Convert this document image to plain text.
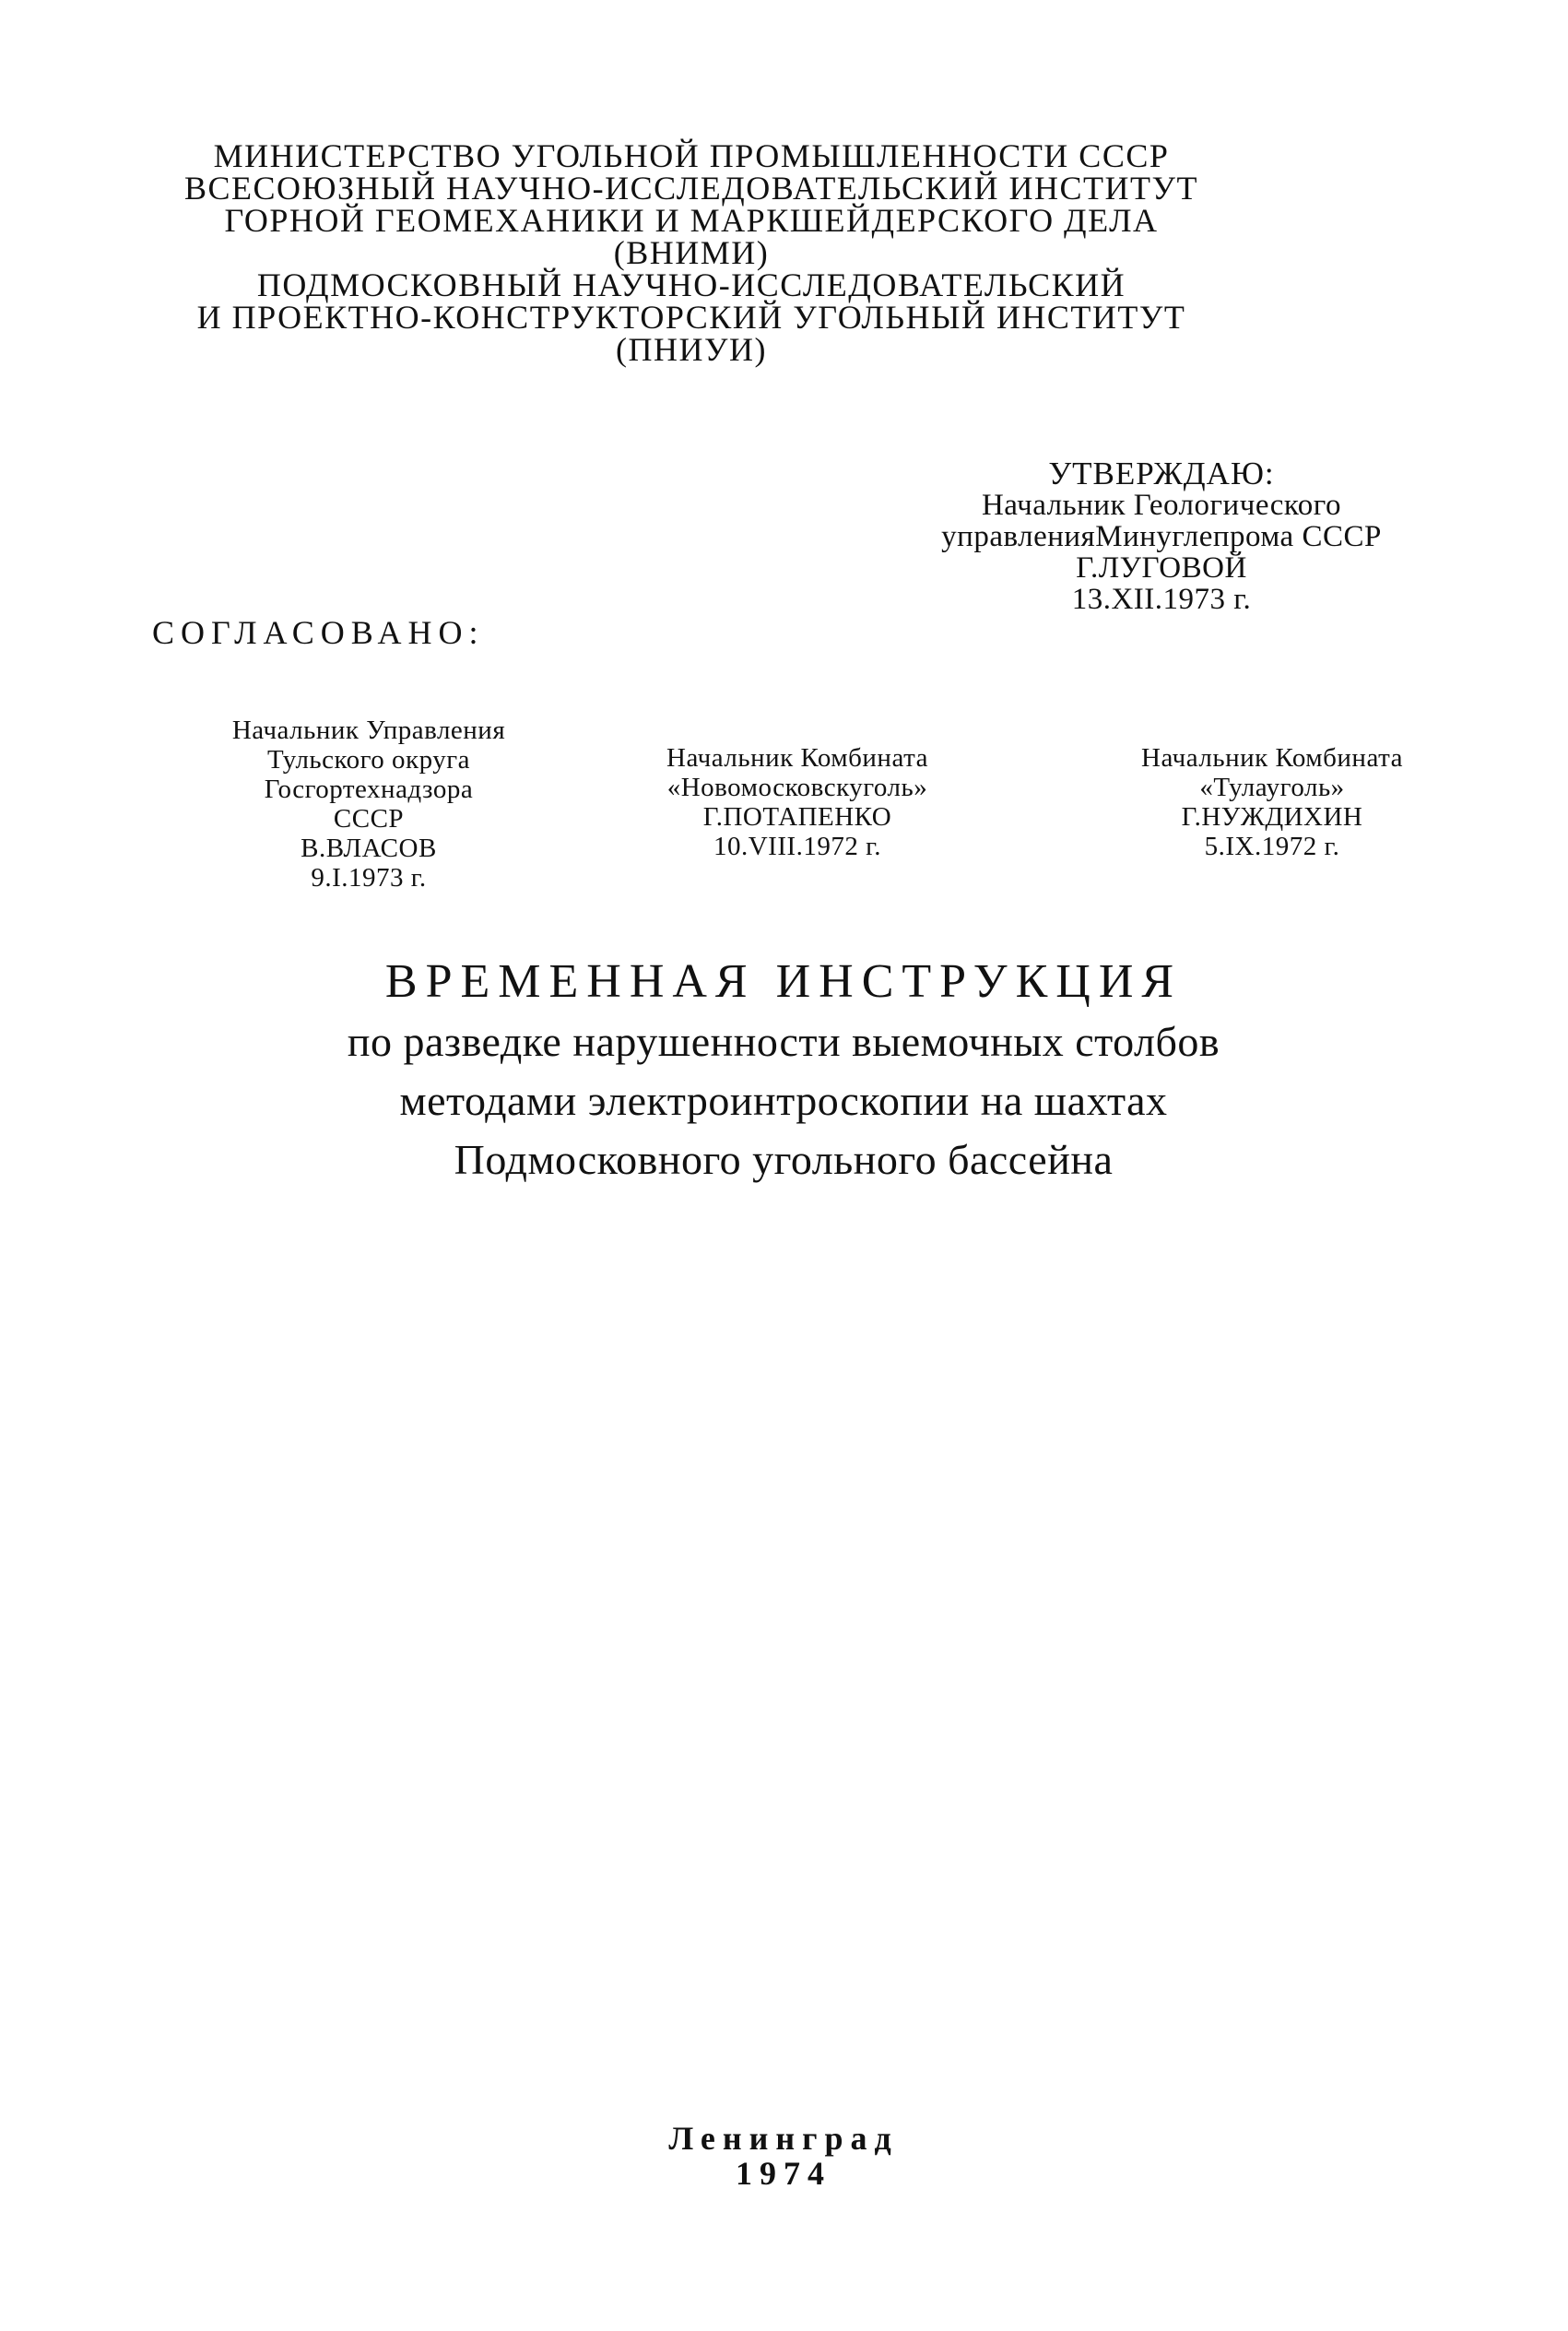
МИНИСТЕРСТВО УГОЛЬНОЙ ПРОМЫШЛЕННОСТИ СССР
ВСЕСОЮЗНЫЙ НАУЧНО-ИССЛЕДОВАТЕЛЬСКИЙ ИНСТИТУТ
ГОРНОЙ ГЕОМЕХАНИКИ И МАРКШЕЙДЕРСКОГО ДЕЛА
(ВНИМИ)
ПОДМОСКОВНЫЙ НАУЧНО-ИССЛЕДОВАТЕЛЬСКИЙ
И ПРОЕКТНО-КОНСТРУКТОРСКИЙ УГОЛЬНЫЙ ИНСТИТУТ
(ПНИУИ)
УТВЕРЖДАЮ:
Начальник Геологического
управленияМинуглепрома СССР
Г.ЛУГОВОЙ
13.XII.1973 г.
СОГЛАСОВАНО:
Начальник Управления
Тульского округа
Госгортехнадзора
СССР
В.ВЛАСОВ
9.I.1973 г.
Начальник Комбината
«Новомосковскуголь»
Г.ПОТАПЕНКО
10.VIII.1972 г.
Начальник Комбината
«Тулауголь»
Г.НУЖДИХИН
5.IX.1972 г.
ВРЕМЕННАЯ ИНСТРУКЦИЯ
по разведке нарушенности выемочных столбов
методами электроинтроскопии на шахтах
Подмосковного угольного бассейна
Ленинград
1974
